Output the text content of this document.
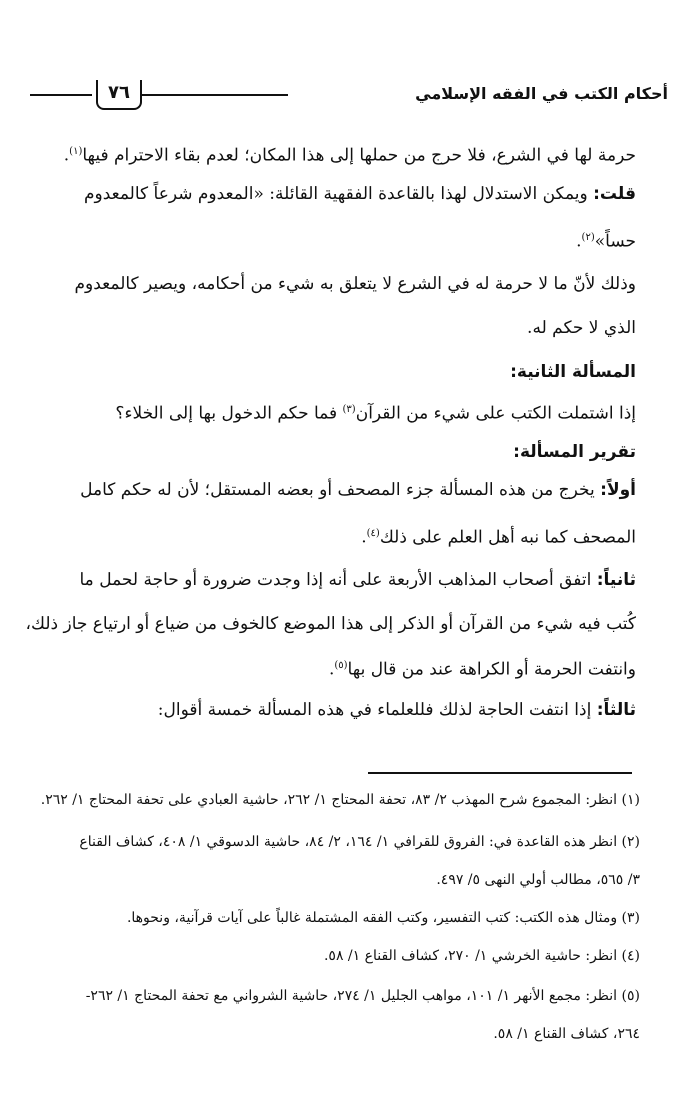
أحكام الكتب في الفقه الإسلامي
٧٦
حرمة لها في الشرع، فلا حرج من حملها إلى هذا المكان؛ لعدم بقاء الاحترام فيها$^{(١)}$.
قلت: ويمكن الاستدلال لهذا بالقاعدة الفقهية القائلة: «المعدوم شرعاً كالمعدوم
حساً»$^{(٢)}$.
وذلك لأنّ ما لا حرمة له في الشرع لا يتعلق به شيء من أحكامه، ويصير كالمعدوم
الذي لا حكم له.
المسألة الثانية:
إذا اشتملت الكتب على شيء من القرآن$^{(٣)}$ فما حكم الدخول بها إلى الخلاء؟
تقرير المسألة:
أولاً: يخرج من هذه المسألة جزء المصحف أو بعضه المستقل؛ لأن له حكم كامل
المصحف كما نبه أهل العلم على ذلك$^{(٤)}$.
ثانياً: اتفق أصحاب المذاهب الأربعة على أنه إذا وجدت ضرورة أو حاجة لحمل ما
كُتب فيه شيء من القرآن أو الذكر إلى هذا الموضع كالخوف من ضياع أو ارتياع جاز ذلك،
وانتفت الحرمة أو الكراهة عند من قال بها$^{(٥)}$.
ثالثاً: إذا انتفت الحاجة لذلك فللعلماء في هذه المسألة خمسة أقوال:
(١) انظر: المجموع شرح المهذب ٢/ ٨٣، تحفة المحتاج ١/ ٢٦٢، حاشية العبادي على تحفة المحتاج ١/ ٢٦٢.
(٢) انظر هذه القاعدة في: الفروق للقرافي ١/ ١٦٤، ٢/ ٨٤، حاشية الدسوقي ١/ ٤٠٨، كشاف القناع
٣/ ٥٦٥، مطالب أولي النهى ٥/ ٤٩٧.
(٣) ومثال هذه الكتب: كتب التفسير، وكتب الفقه المشتملة غالباً على آيات قرآنية، ونحوها.
(٤) انظر: حاشية الخرشي ١/ ٢٧٠، كشاف القناع ١/ ٥٨.
(٥) انظر: مجمع الأنهر ١/ ١٠١، مواهب الجليل ١/ ٢٧٤، حاشية الشرواني مع تحفة المحتاج ١/ ٢٦٢-
٢٦٤، كشاف القناع ١/ ٥٨.
